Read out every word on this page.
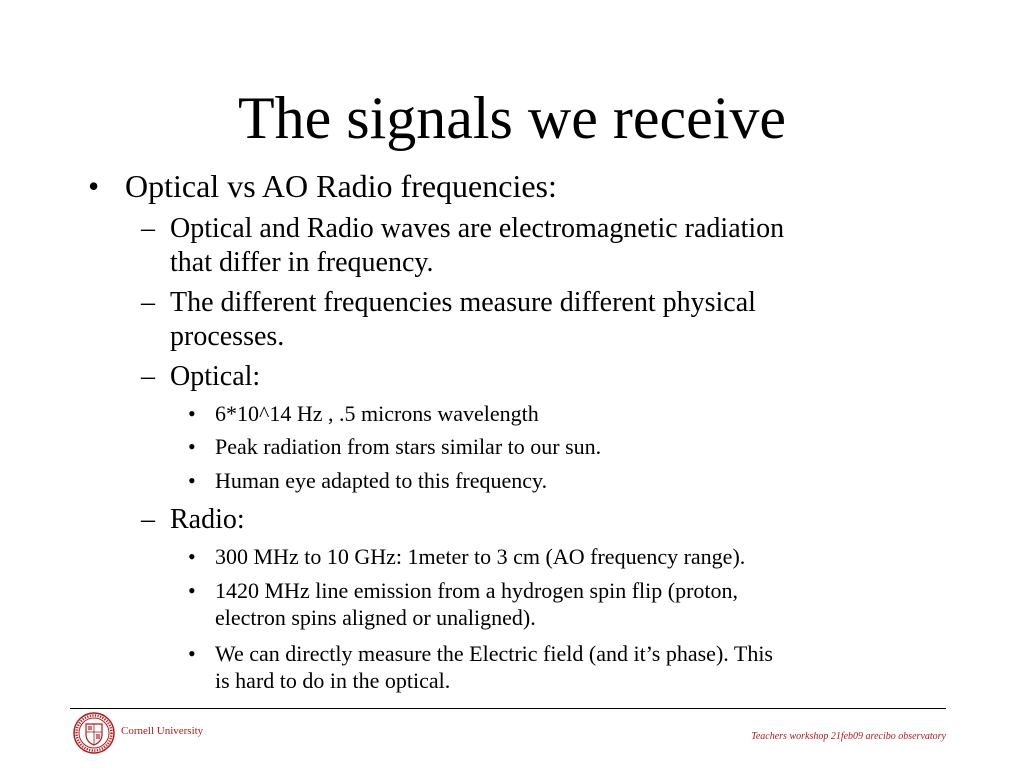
The signals we receive
• Optical vs AO Radio frequencies:
– Optical and Radio waves are electromagnetic radiation
that differ in frequency.
– The different frequencies measure different physical
processes.
– Optical:
• 6*10^14 Hz , .5 microns wavelength
• Peak radiation from stars similar to our sun.
• Human eye adapted to this frequency.
– Radio:
• 300 MHz to 10 GHz: 1meter to 3 cm (AO frequency range).
• 1420 MHz line emission from a hydrogen spin flip (proton,
electron spins aligned or unaligned).
• We can directly measure the Electric field (and it’s phase). This
is hard to do in the optical.
Cornell University	Teachers workshop 21feb09 arecibo observatory
